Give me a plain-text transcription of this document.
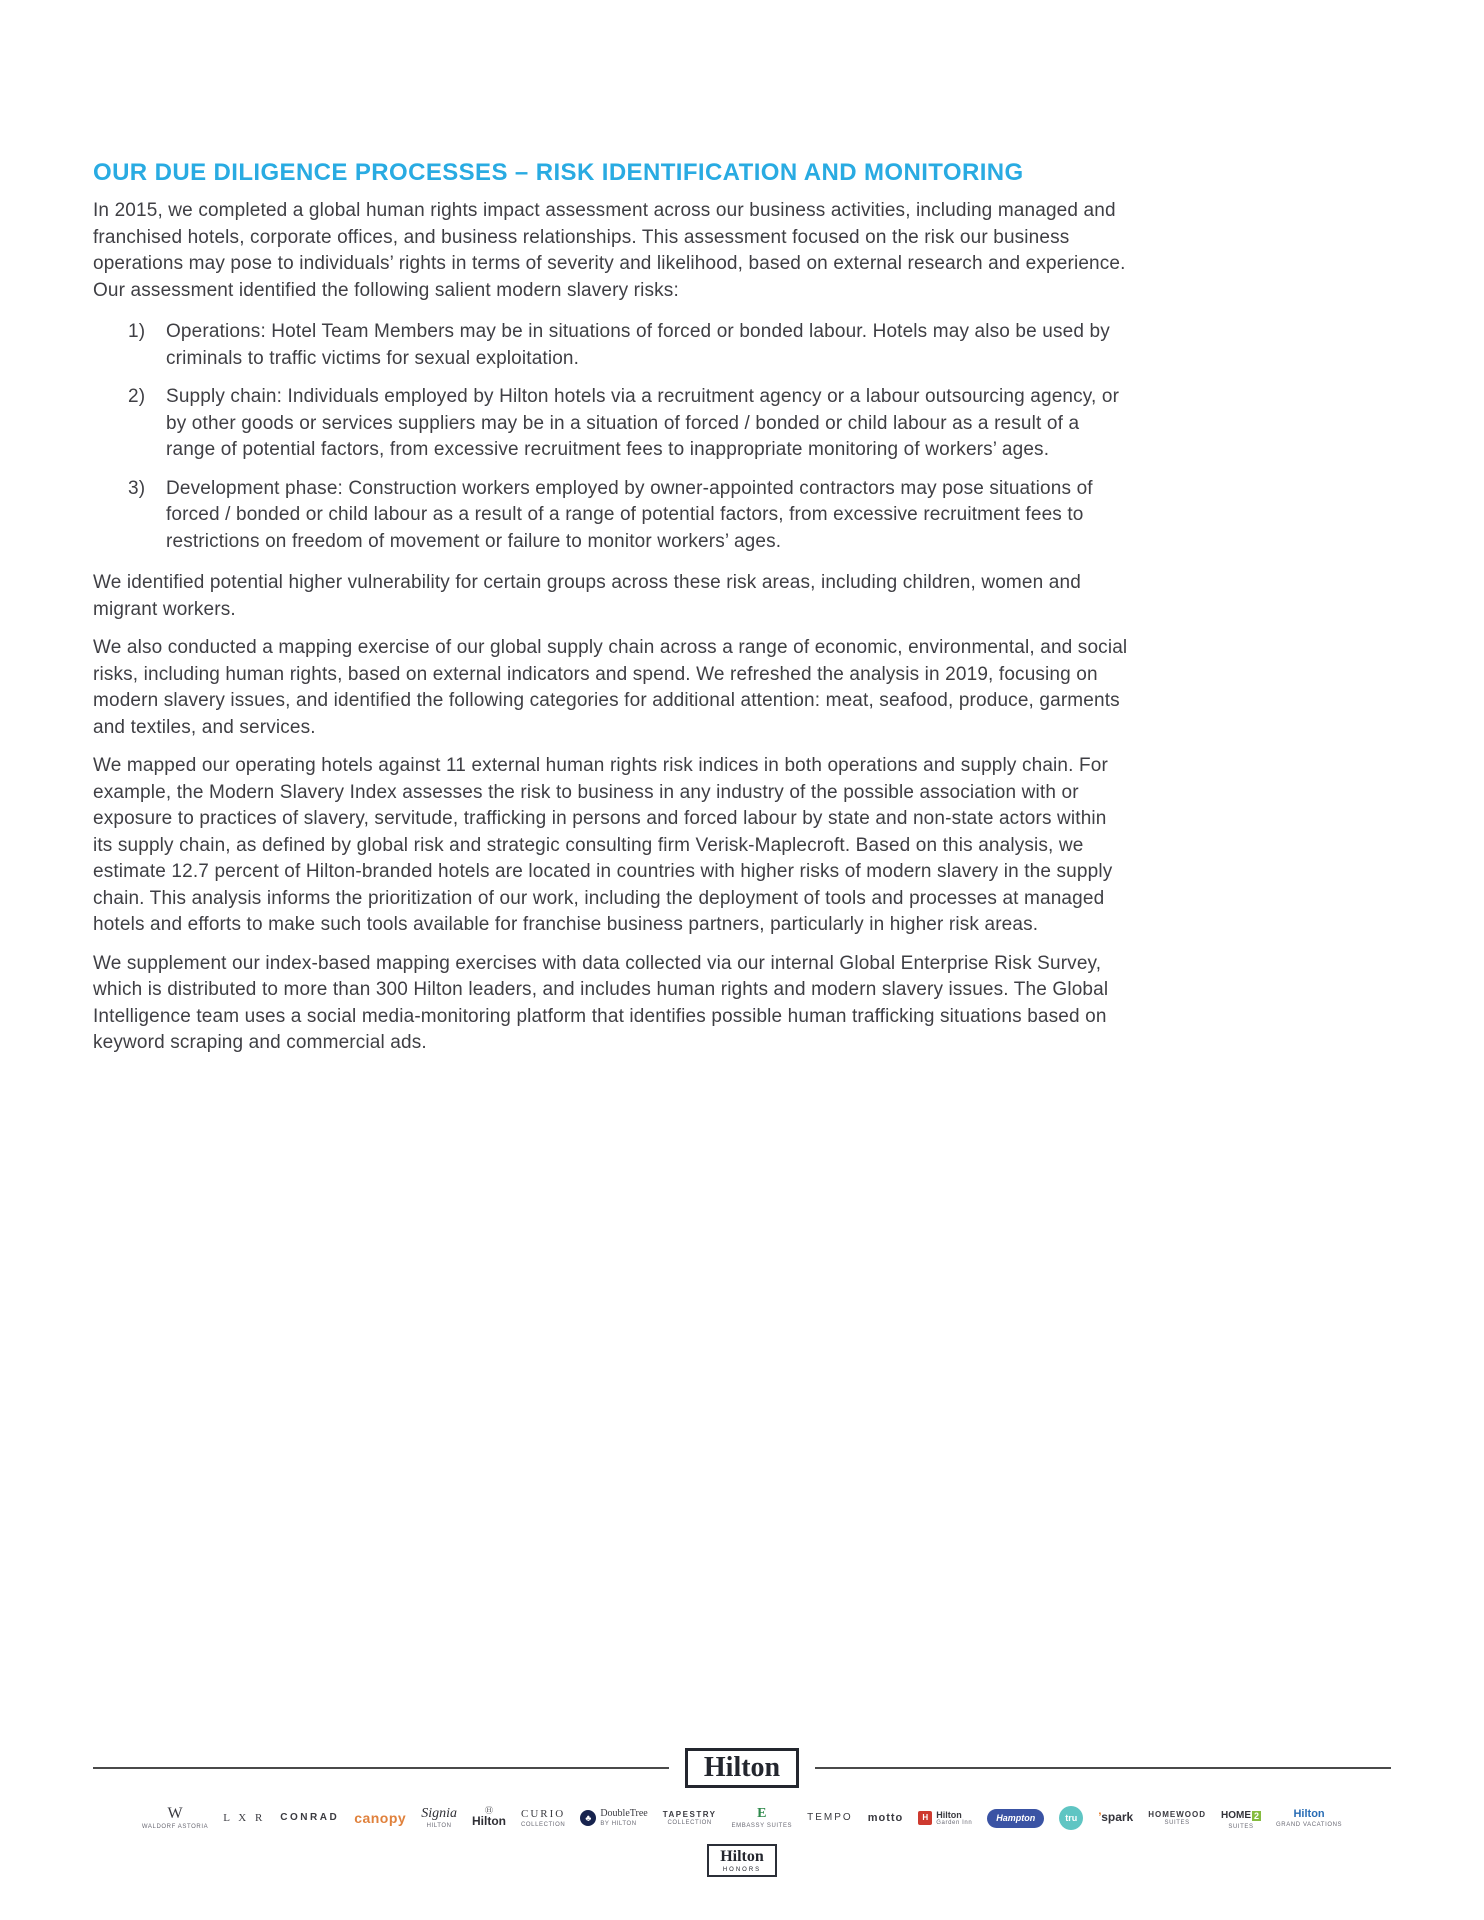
OUR DUE DILIGENCE PROCESSES – RISK IDENTIFICATION AND MONITORING

In 2015, we completed a global human rights impact assessment across our business activities, including managed and franchised hotels, corporate offices, and business relationships. This assessment focused on the risk our business operations may pose to individuals’ rights in terms of severity and likelihood, based on external research and experience. Our assessment identified the following salient modern slavery risks:

1)	Operations: Hotel Team Members may be in situations of forced or bonded labour. Hotels may also be used by criminals to traffic victims for sexual exploitation.
2)	Supply chain: Individuals employed by Hilton hotels via a recruitment agency or a labour outsourcing agency, or by other goods or services suppliers may be in a situation of forced / bonded or child labour as a result of a range of potential factors, from excessive recruitment fees to inappropriate monitoring of workers’ ages.
3)	Development phase: Construction workers employed by owner-appointed contractors may pose situations of forced / bonded or child labour as a result of a range of potential factors, from excessive recruitment fees to restrictions on freedom of movement or failure to monitor workers’ ages.

We identified potential higher vulnerability for certain groups across these risk areas, including children, women and migrant workers.

We also conducted a mapping exercise of our global supply chain across a range of economic, environmental, and social risks, including human rights, based on external indicators and spend. We refreshed the analysis in 2019, focusing on modern slavery issues, and identified the following categories for additional attention: meat, seafood, produce, garments and textiles, and services.

We mapped our operating hotels against 11 external human rights risk indices in both operations and supply chain. For example, the Modern Slavery Index assesses the risk to business in any industry of the possible association with or exposure to practices of slavery, servitude, trafficking in persons and forced labour by state and non-state actors within its supply chain, as defined by global risk and strategic consulting firm Verisk-Maplecroft. Based on this analysis, we estimate 12.7 percent of Hilton-branded hotels are located in countries with higher risks of modern slavery in the supply chain. This analysis informs the prioritization of our work, including the deployment of tools and processes at managed hotels and efforts to make such tools available for franchise business partners, particularly in higher risk areas.

We supplement our index-based mapping exercises with data collected via our internal Global Enterprise Risk Survey, which is distributed to more than 300 Hilton leaders, and includes human rights and modern slavery issues. The Global Intelligence team uses a social media-monitoring platform that identifies possible human trafficking situations based on keyword scraping and commercial ads.

Hilton
W
WALDORF ASTORIA
L X R CONRAD canopy Signia
HILTON
Ⓗ
Hilton
CURIO
COLLECTION
♣ DoubleTree
BY HILTON
TAPESTRY
COLLECTION
E
EMBASSY SUITES
TEMPO motto	H Hilton
Garden Inn	Hampton	tru	’spark HOMEWOOD
SUITES
HOME 2
SUITES
Hilton
GRAND VACATIONS
Hilton
HONORS
